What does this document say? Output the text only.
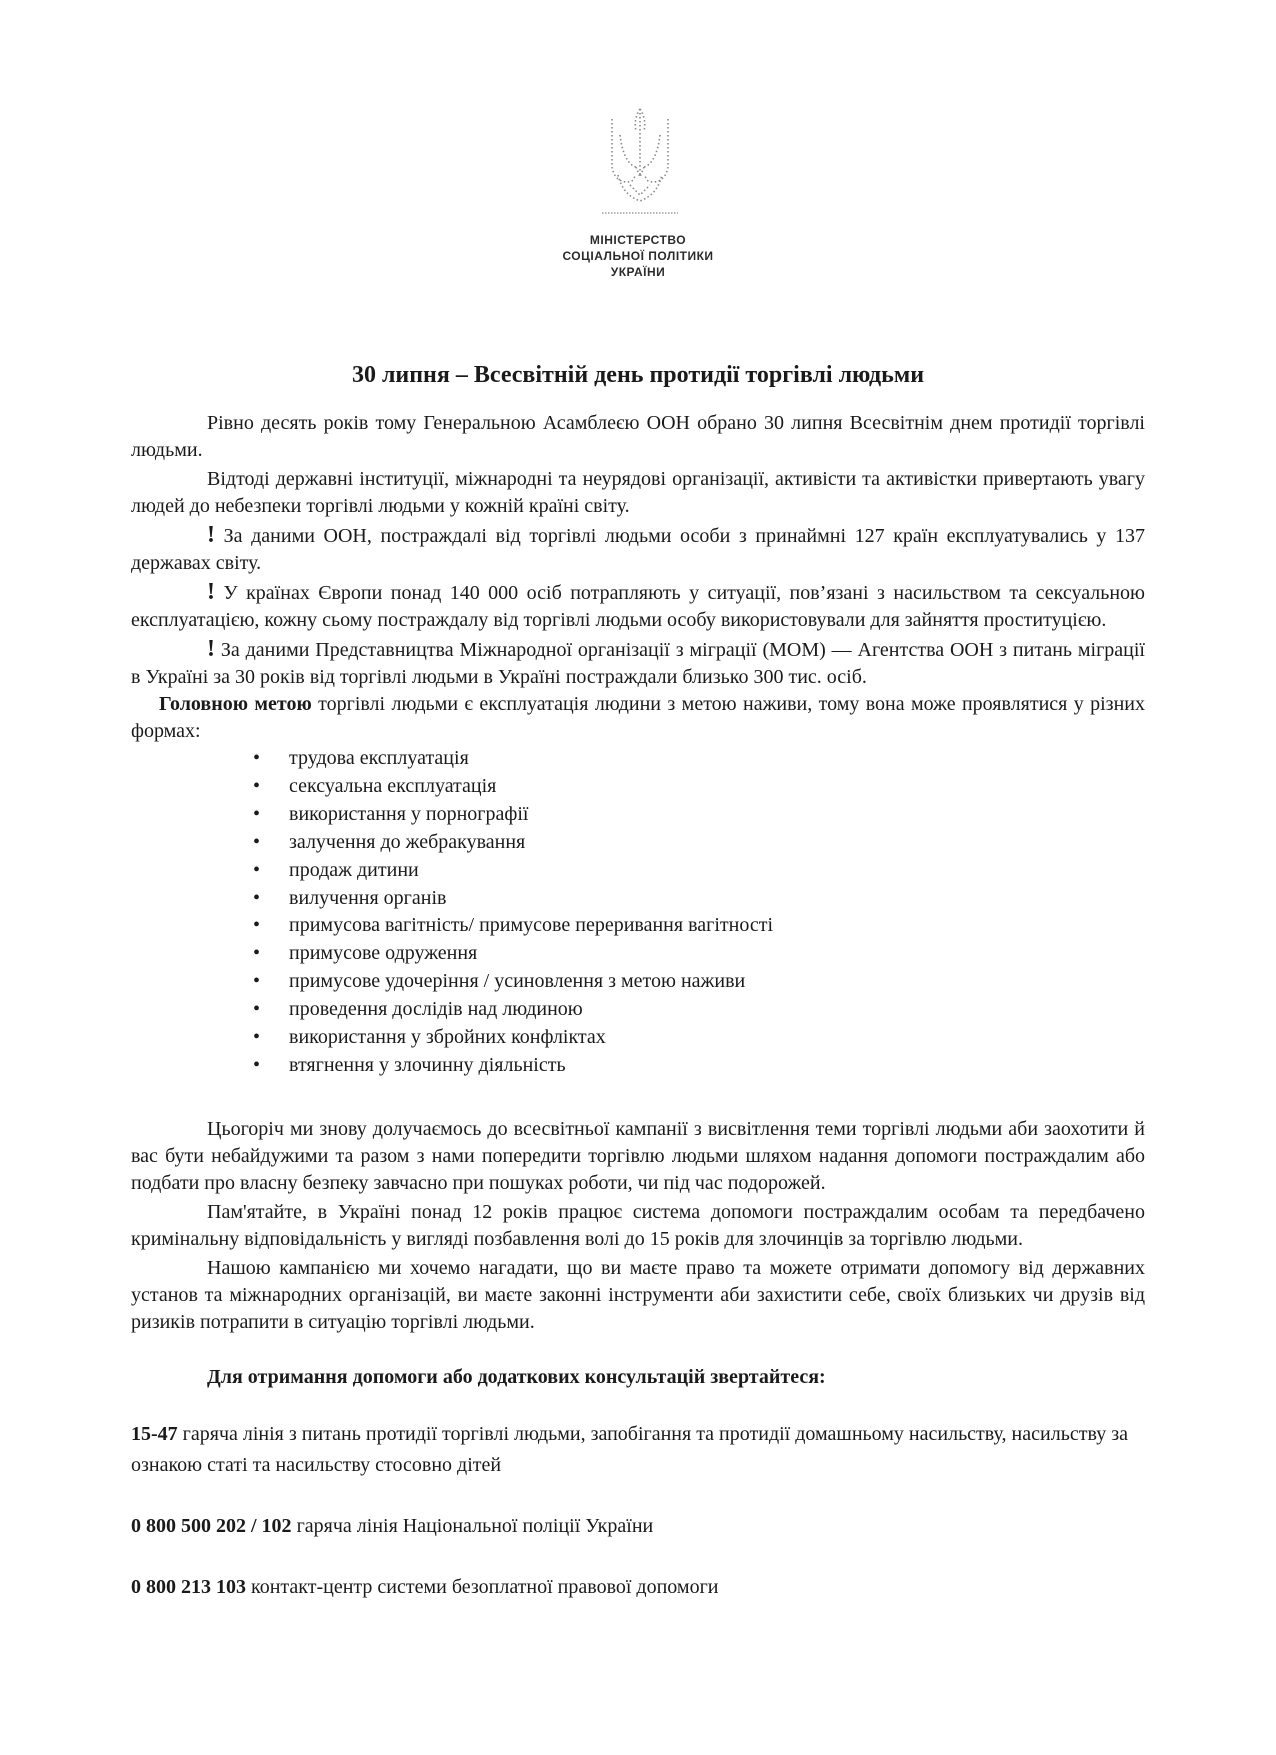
МІНІСТЕРСТВО
СОЦІАЛЬНОЇ ПОЛІТИКИ
УКРАЇНИ
30 липня – Всесвітній день протидії торгівлі людьми

Рівно десять років тому Генеральною Асамблеєю ООН обрано 30 липня Всесвітнім днем протидії торгівлі людьми.

Відтоді державні інституції, міжнародні та неурядові організації, активісти та активістки привертають увагу людей до небезпеки торгівлі людьми у кожній країні світу.

! За даними ООН, постраждалі від торгівлі людьми особи з принаймні 127 країн експлуатувались у 137 державах світу.

! У країнах Європи понад 140 000 осіб потрапляють у ситуації, пов’язані з насильством та сексуальною експлуатацією, кожну сьому постраждалу від торгівлі людьми особу використовували для зайняття проституцією.

! За даними Представництва Міжнародної організації з міграції (МОМ) — Агентства ООН з питань міграції в Україні за 30 років від торгівлі людьми в Україні постраждали близько 300 тис. осіб.

Головною метою торгівлі людьми є експлуатація людини з метою наживи, тому вона може проявлятися у різних формах:

• трудова експлуатація
• сексуальна експлуатація
• використання у порнографії
• залучення до жебракування
• продаж дитини
• вилучення органів
• примусова вагітність/ примусове переривання вагітності
• примусове одруження
• примусове удочеріння / усиновлення з метою наживи
• проведення дослідів над людиною
• використання у збройних конфліктах
• втягнення у злочинну діяльність

Цьогоріч ми знову долучаємось до всесвітньої кампанії з висвітлення теми торгівлі людьми аби заохотити й вас бути небайдужими та разом з нами попередити торгівлю людьми шляхом надання допомоги постраждалим або подбати про власну безпеку завчасно при пошуках роботи, чи під час подорожей.

Пам'ятайте, в Україні понад 12 років працює система допомоги постраждалим особам та передбачено кримінальну відповідальність у вигляді позбавлення волі до 15 років для злочинців за торгівлю людьми.

Нашою кампанією ми хочемо нагадати, що ви маєте право та можете отримати допомогу від державних установ та міжнародних організацій, ви маєте законні інструменти аби захистити себе, своїх близьких чи друзів від ризиків потрапити в ситуацію торгівлі людьми.

Для отримання допомоги або додаткових консультацій звертайтеся:

15-47 гаряча лінія з питань протидії торгівлі людьми, запобігання та протидії домашньому насильству, насильству за ознакою статі та насильству стосовно дітей

0 800 500 202 / 102 гаряча лінія Національної поліції України

0 800 213 103 контакт-центр системи безоплатної правової допомоги
